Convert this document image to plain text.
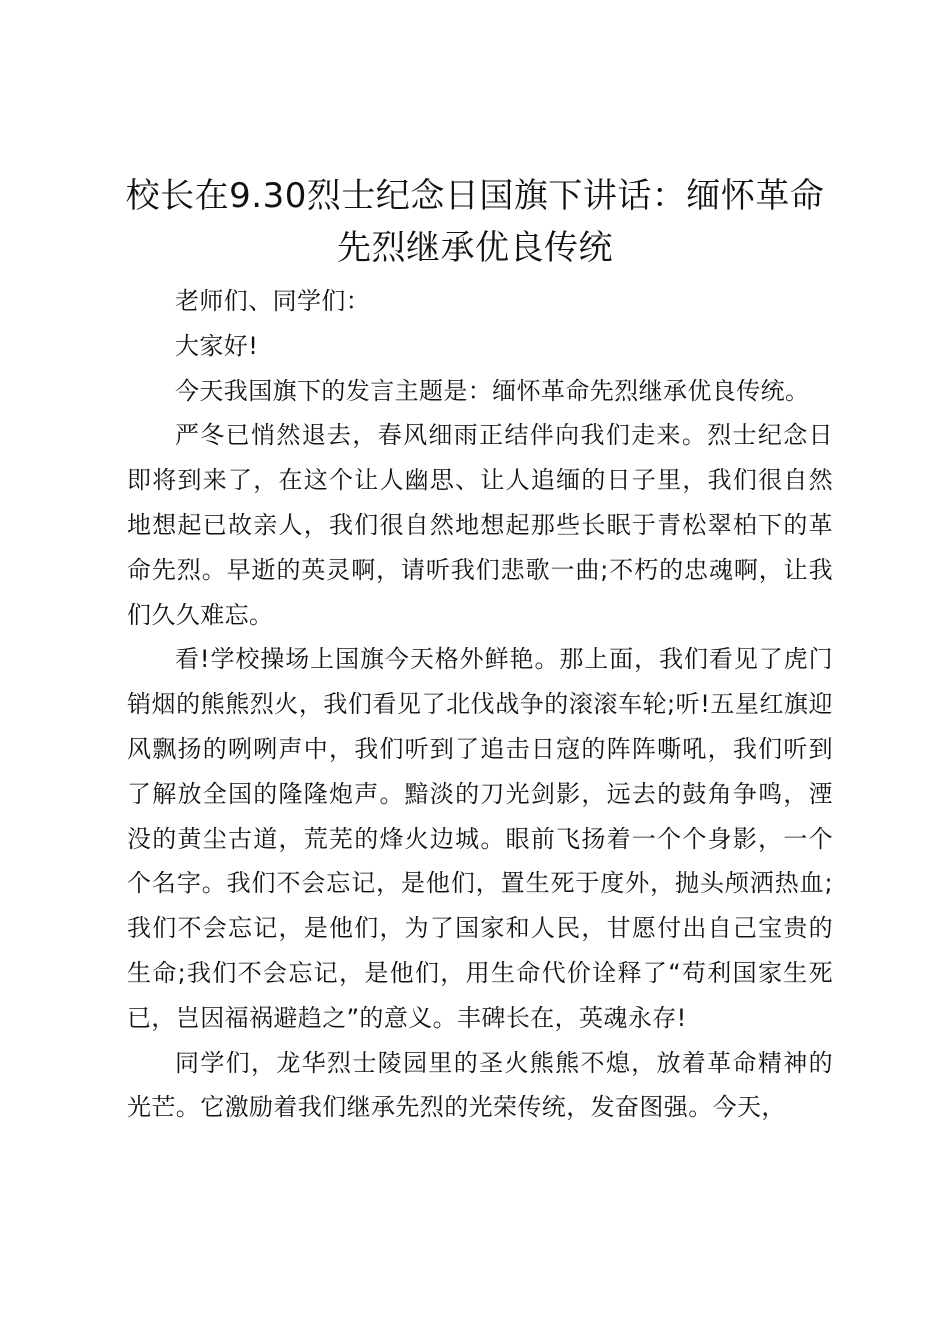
校长在9.30烈士纪念日国旗下讲话：缅怀革命先烈继承优良传统

老师们、同学们：

大家好!

今天我国旗下的发言主题是：缅怀革命先烈继承优良传统。

严冬已悄然退去，春风细雨正结伴向我们走来。烈士纪念日即将到来了，在这个让人幽思、让人追缅的日子里，我们很自然地想起已故亲人，我们很自然地想起那些长眠于青松翠柏下的革命先烈。早逝的英灵啊，请听我们悲歌一曲;不朽的忠魂啊，让我们久久难忘。

看!学校操场上国旗今天格外鲜艳。那上面，我们看见了虎门销烟的熊熊烈火，我们看见了北伐战争的滚滚车轮;听!五星红旗迎风飘扬的咧咧声中，我们听到了追击日寇的阵阵嘶吼，我们听到了解放全国的隆隆炮声。黯淡的刀光剑影，远去的鼓角争鸣，湮没的黄尘古道，荒芜的烽火边城。眼前飞扬着一个个身影，一个个名字。我们不会忘记，是他们，置生死于度外，抛头颅洒热血;我们不会忘记，是他们，为了国家和人民，甘愿付出自己宝贵的生命;我们不会忘记，是他们，用生命代价诠释了“苟利国家生死已，岂因福祸避趋之”的意义。丰碑长在，英魂永存!

同学们，龙华烈士陵园里的圣火熊熊不熄，放着革命精神的光芒。它激励着我们继承先烈的光荣传统，发奋图强。今天，
